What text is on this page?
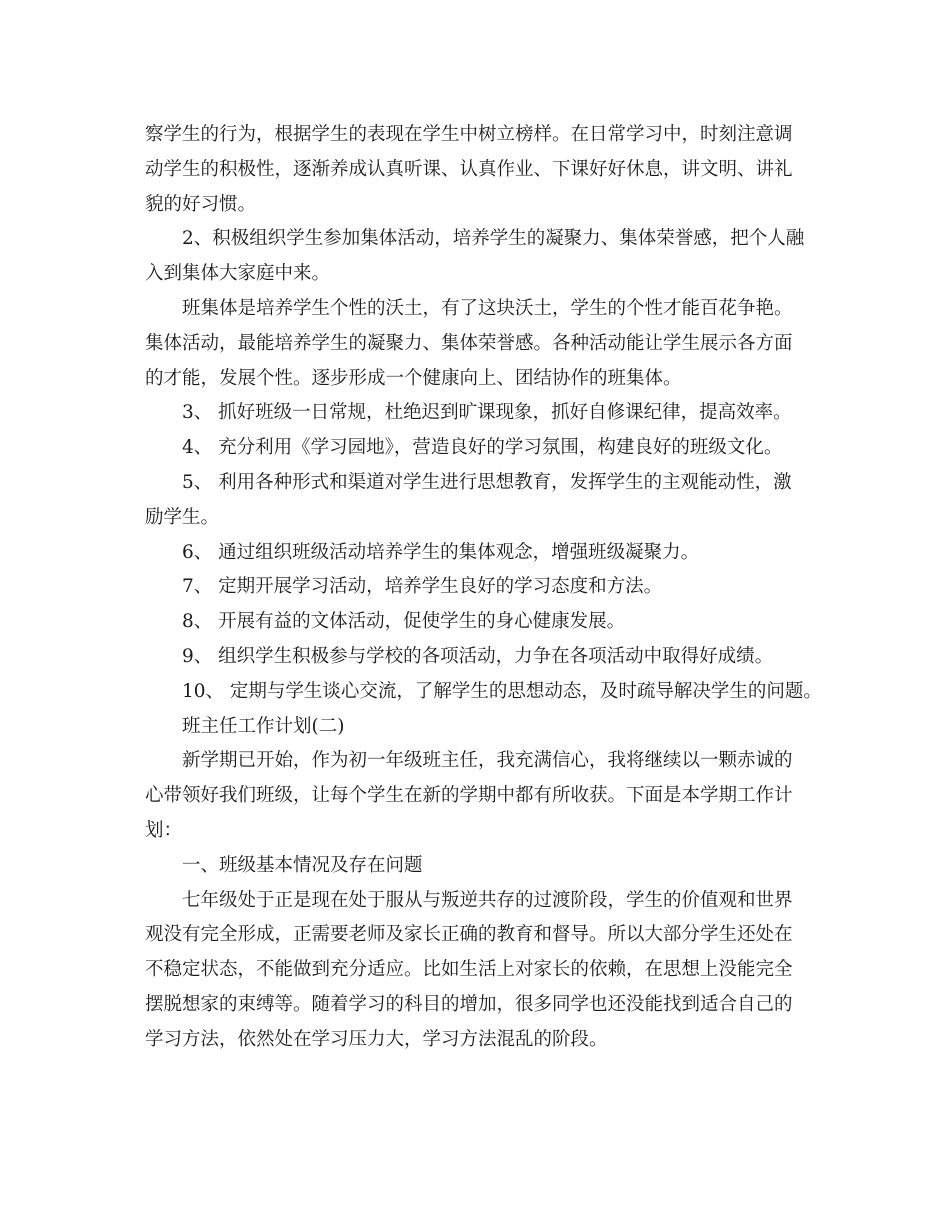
察学生的行为，根据学生的表现在学生中树立榜样。在日常学习中，时刻注意调
动学生的积极性，逐渐养成认真听课、认真作业、下课好好休息，讲文明、讲礼
貌的好习惯。
2、积极组织学生参加集体活动，培养学生的凝聚力、集体荣誉感，把个人融
入到集体大家庭中来。
班集体是培养学生个性的沃土，有了这块沃土，学生的个性才能百花争艳。
集体活动，最能培养学生的凝聚力、集体荣誉感。各种活动能让学生展示各方面
的才能，发展个性。逐步形成一个健康向上、团结协作的班集体。
3、 抓好班级一日常规，杜绝迟到旷课现象，抓好自修课纪律，提高效率。
4、 充分利用《学习园地》，营造良好的学习氛围，构建良好的班级文化。
5、 利用各种形式和渠道对学生进行思想教育，发挥学生的主观能动性，激
励学生。
6、 通过组织班级活动培养学生的集体观念，增强班级凝聚力。
7、 定期开展学习活动，培养学生良好的学习态度和方法。
8、 开展有益的文体活动，促使学生的身心健康发展。
9、 组织学生积极参与学校的各项活动，力争在各项活动中取得好成绩。
10、 定期与学生谈心交流，了解学生的思想动态，及时疏导解决学生的问题。
班主任工作计划(二)
新学期已开始，作为初一年级班主任，我充满信心，我将继续以一颗赤诚的
心带领好我们班级，让每个学生在新的学期中都有所收获。下面是本学期工作计
划：
一、班级基本情况及存在问题
七年级处于正是现在处于服从与叛逆共存的过渡阶段，学生的价值观和世界
观没有完全形成，正需要老师及家长正确的教育和督导。所以大部分学生还处在
不稳定状态，不能做到充分适应。比如生活上对家长的依赖，在思想上没能完全
摆脱想家的束缚等。随着学习的科目的增加，很多同学也还没能找到适合自己的
学习方法，依然处在学习压力大，学习方法混乱的阶段。
